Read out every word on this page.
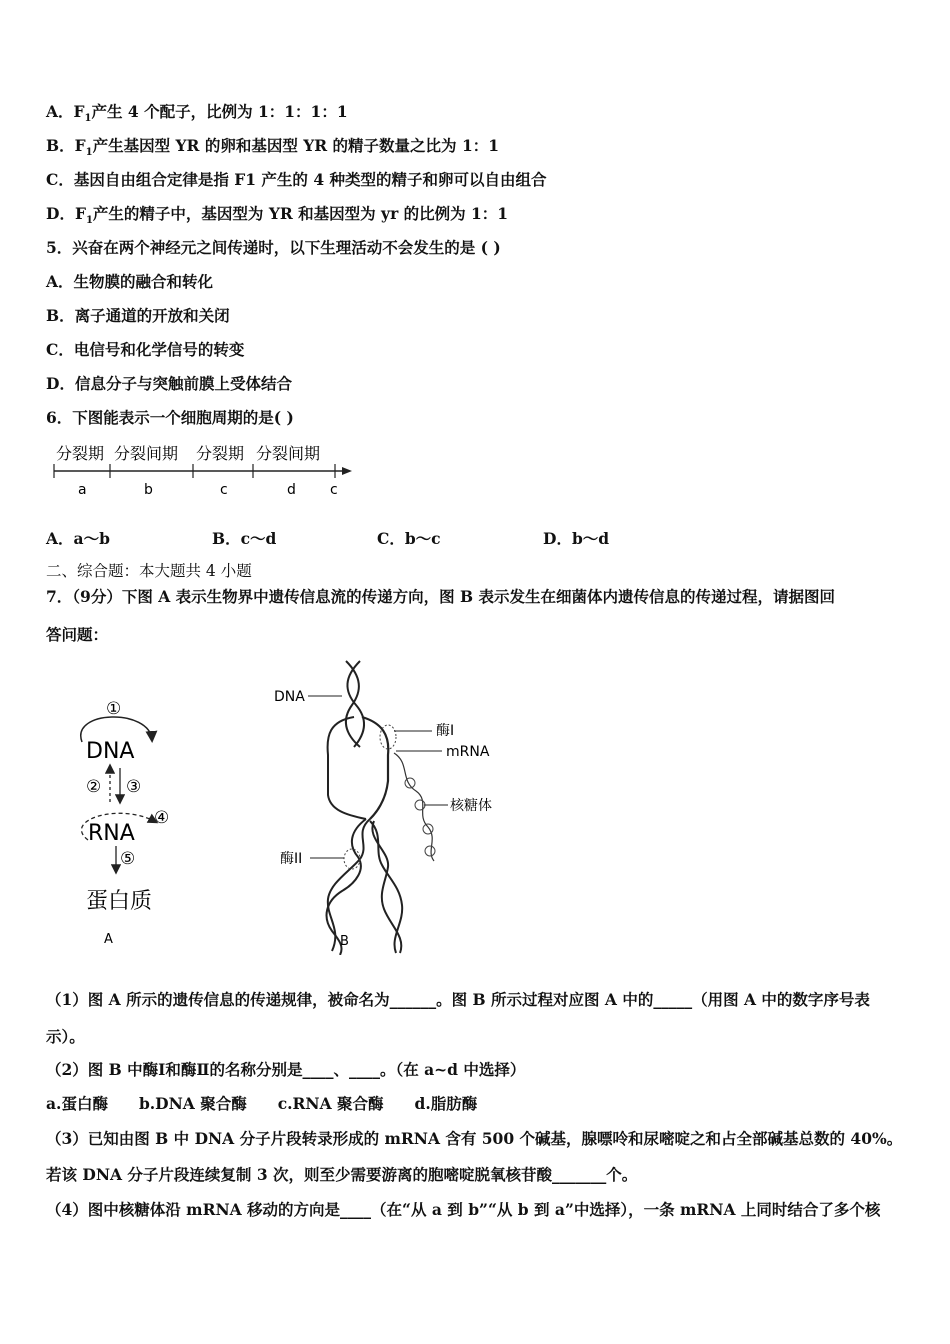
A．$F_1$产生 4 个配子，比例为 1：1：1：1
B．$F_1$产生基因型 YR 的卵和基因型 YR 的精子数量之比为 1：1
C．基因自由组合定律是指 F1 产生的 4 种类型的精子和卵可以自由组合
D．$F_1$产生的精子中，基因型为 YR 和基因型为 yr 的比例为 1：1
5．兴奋在两个神经元之间传递时，以下生理活动不会发生的是 ( )
A．生物膜的融合和转化
B．离子通道的开放和关闭
C．电信号和化学信号的转变
D．信息分子与突触前膜上受体结合
6．下图能表示一个细胞周期的是( )
分裂期 分裂间期 分裂期 分裂间期
a	b	c	d c
A．a～b	B．c～d	C．b～c	D．b～d
二、综合题：本大题共 4 小题
7．（9分）下图 A 表示生物界中遗传信息流的传递方向，图 B 表示发生在细菌体内遗传信息的传递过程，请据图回
答问题：
①
DNA
② ③
④
RNA
⑤
蛋白质
A
DNA
酶I
mRNA
核糖体
酶II
B
（1）图 A 所示的遗传信息的传递规律，被命名为______。图 B 所示过程对应图 A 中的_____（用图 A 中的数字序号表
示）。
（2）图 B 中酶Ⅰ和酶Ⅱ的名称分别是____、____。（在 a~d 中选择）
a.蛋白酶　　b.DNA 聚合酶　　c.RNA 聚合酶　　d.脂肪酶
（3）已知由图 B 中 DNA 分子片段转录形成的 mRNA 含有 500 个碱基，腺嘌呤和尿嘧啶之和占全部碱基总数的 40%。
若该 DNA 分子片段连续复制 3 次，则至少需要游离的胞嘧啶脱氧核苷酸_______个。
（4）图中核糖体沿 mRNA 移动的方向是____（在“从 a 到 b”“从 b 到 a”中选择），一条 mRNA 上同时结合了多个核
